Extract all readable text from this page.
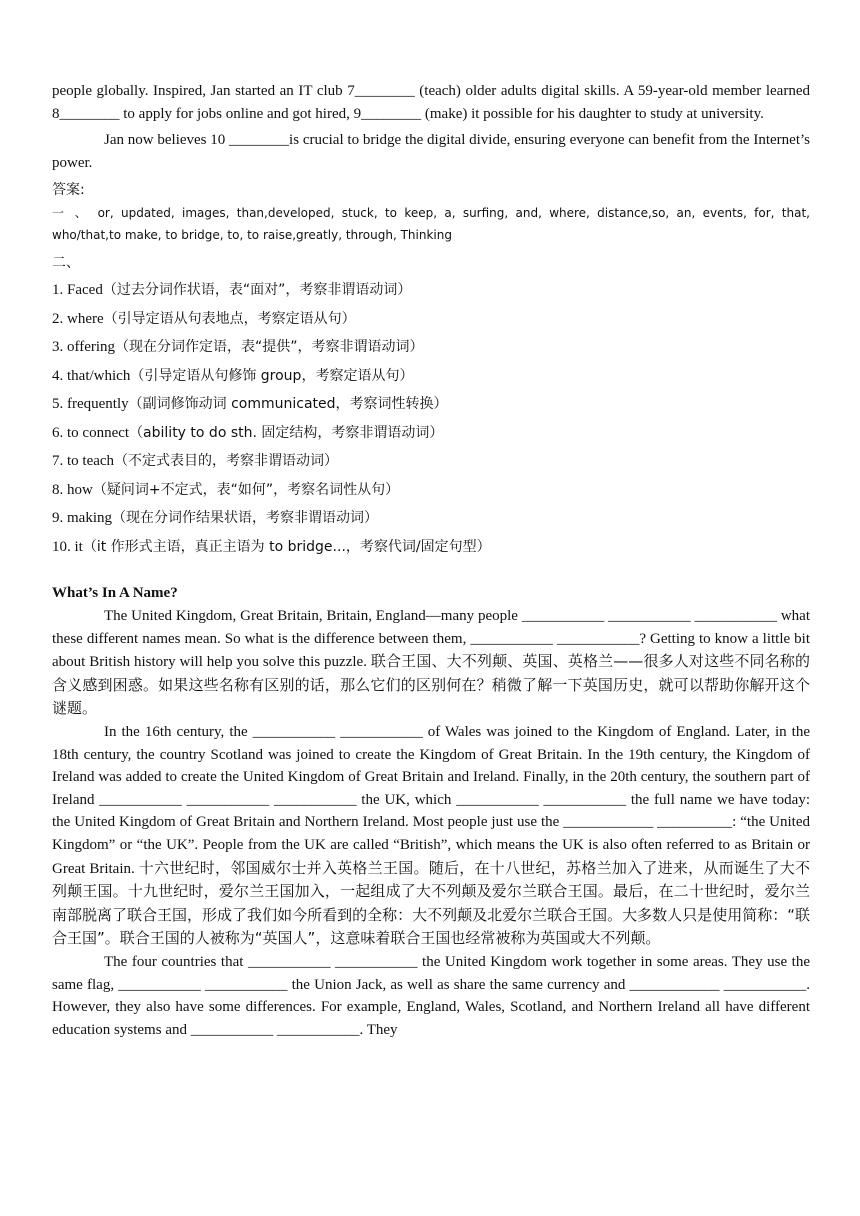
people globally. Inspired, Jan started an IT club 7________ (teach) older adults digital skills. A 59-year-old member learned 8________ to apply for jobs online and got hired, 9________ (make) it possible for his daughter to study at university.

Jan now believes 10 ________is crucial to bridge the digital divide, ensuring everyone can benefit from the Internet’s power.

答案:

一 、 or, updated, images, than,developed, stuck, to keep, a, surfing, and, where, distance,so, an, events, for, that, who/that,to make, to bridge, to, to raise,greatly, through, Thinking

二、

1. Faced（过去分词作状语，表“面对”，考察非谓语动词）

2. where（引导定语从句表地点，考察定语从句）

3. offering（现在分词作定语，表“提供”，考察非谓语动词）

4. that/which（引导定语从句修饰 group，考察定语从句）

5. frequently（副词修饰动词 communicated，考察词性转换）

6. to connect（ability to do sth. 固定结构，考察非谓语动词）

7. to teach（不定式表目的，考察非谓语动词）

8. how（疑问词+不定式，表“如何”，考察名词性从句）

9. making（现在分词作结果状语，考察非谓语动词）

10. it（it 作形式主语，真正主语为 to bridge...，考察代词/固定句型）

What’s In A Name?

The United Kingdom, Great Britain, Britain, England—many people ___________ ___________ ___________ what these different names mean. So what is the difference between them, ___________ ___________? Getting to know a little bit about British history will help you solve this puzzle. 联合王国、大不列颠、英国、英格兰——很多人对这些不同名称的含义感到困惑。如果这些名称有区别的话，那么它们的区别何在？稍微了解一下英国历史，就可以帮助你解开这个谜题。

In the 16th century, the ___________ ___________ of Wales was joined to the Kingdom of England. Later, in the 18th century, the country Scotland was joined to create the Kingdom of Great Britain. In the 19th century, the Kingdom of Ireland was added to create the United Kingdom of Great Britain and Ireland. Finally, in the 20th century, the southern part of Ireland ___________ ___________ ___________ the UK, which ___________ ___________ the full name we have today: the United Kingdom of Great Britain and Northern Ireland. Most people just use the ____________ __________: “the United Kingdom” or “the UK”. People from the UK are called “British”, which means the UK is also often referred to as Britain or Great Britain. 十六世纪时，邻国威尔士并入英格兰王国。随后，在十八世纪，苏格兰加入了进来，从而诞生了大不列颠王国。十九世纪时，爱尔兰王国加入，一起组成了大不列颠及爱尔兰联合王国。最后，在二十世纪时，爱尔兰南部脱离了联合王国，形成了我们如今所看到的全称：大不列颠及北爱尔兰联合王国。大多数人只是使用简称：“联合王国”。联合王国的人被称为“英国人”，这意味着联合王国也经常被称为英国或大不列颠。

The four countries that ___________ ___________ the United Kingdom work together in some areas. They use the same flag, ___________ ___________ the Union Jack, as well as share the same currency and ____________ ___________. However, they also have some differences. For example, England, Wales, Scotland, and Northern Ireland all have different education systems and ___________ ___________. They
